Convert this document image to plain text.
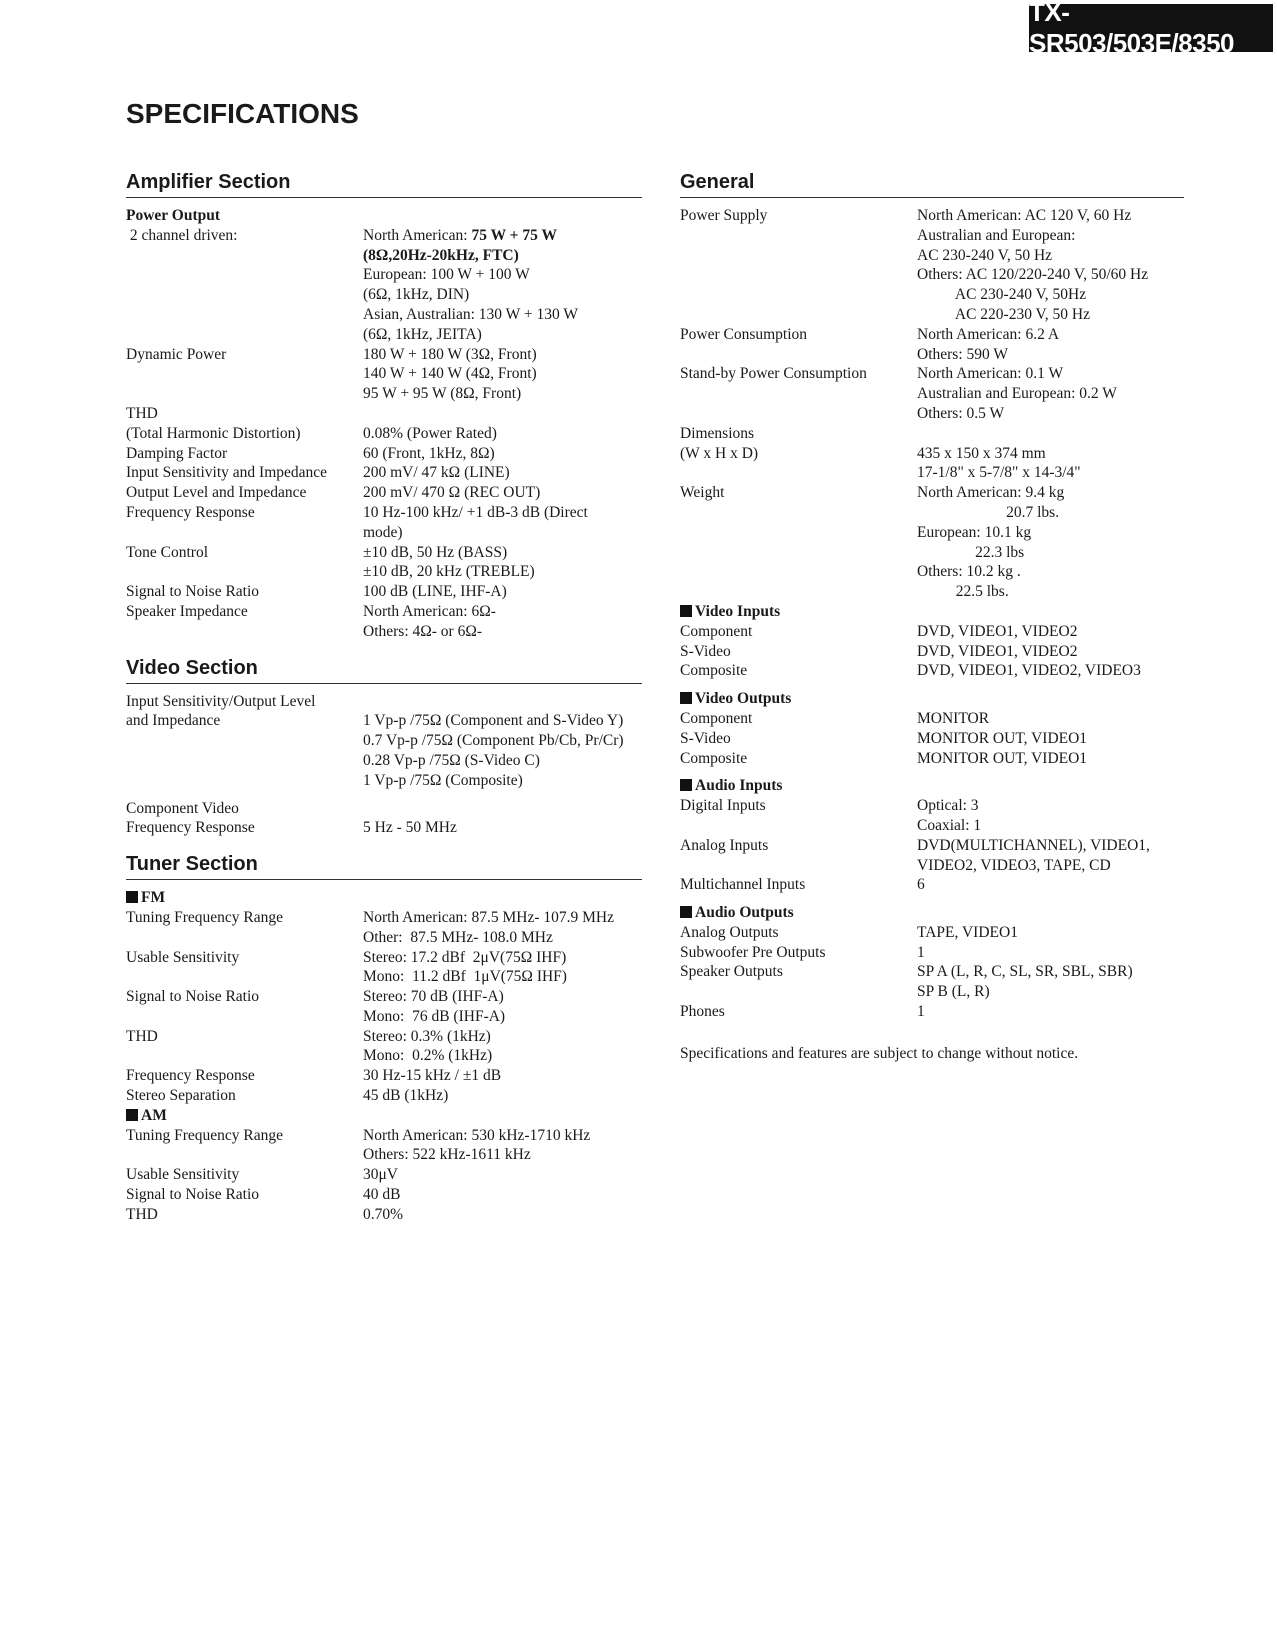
TX-SR503/503E/8350
SPECIFICATIONS
Amplifier Section
Power Output
2 channel driven:	North American: 75 W + 75 W
(8Ω,20Hz-20kHz, FTC)
European: 100 W + 100 W
(6Ω, 1kHz, DIN)
Asian, Australian: 130 W + 130 W
(6Ω, 1kHz, JEITA)
Dynamic Power	180 W + 180 W (3Ω, Front)
140 W + 140 W (4Ω, Front)
95 W + 95 W (8Ω, Front)
THD
(Total Harmonic Distortion)	0.08% (Power Rated)
Damping Factor	60 (Front, 1kHz, 8Ω)
Input Sensitivity and Impedance	200 mV/ 47 kΩ (LINE)
Output Level and Impedance	200 mV/ 470 Ω (REC OUT)
Frequency Response	10 Hz-100 kHz/ +1 dB-3 dB (Direct
mode)
Tone Control	±10 dB, 50 Hz (BASS)
±10 dB, 20 kHz (TREBLE)
Signal to Noise Ratio	100 dB (LINE, IHF-A)
Speaker Impedance	North American: 6Ω-
Others: 4Ω- or 6Ω-
Video Section
Input Sensitivity/Output Level
and Impedance	1 Vp-p /75Ω (Component and S-Video Y)
0.7 Vp-p /75Ω (Component Pb/Cb, Pr/Cr)
0.28 Vp-p /75Ω (S-Video C)
1 Vp-p /75Ω (Composite)
Component Video
Frequency Response	5 Hz - 50 MHz
Tuner Section
FM
Tuning Frequency Range	North American: 87.5 MHz- 107.9 MHz
Other:  87.5 MHz- 108.0 MHz
Usable Sensitivity	Stereo: 17.2 dBf  2μV(75Ω IHF)
Mono:  11.2 dBf  1μV(75Ω IHF)
Signal to Noise Ratio	Stereo: 70 dB (IHF-A)
Mono:  76 dB (IHF-A)
THD	Stereo: 0.3% (1kHz)
Mono:  0.2% (1kHz)
Frequency Response	30 Hz-15 kHz / ±1 dB
Stereo Separation	45 dB (1kHz)
AM
Tuning Frequency Range	North American: 530 kHz-1710 kHz
Others: 522 kHz-1611 kHz
Usable Sensitivity	30μV
Signal to Noise Ratio	40 dB
THD	0.70%
General
Power Supply	North American: AC 120 V, 60 Hz
Australian and European:
AC 230-240 V, 50 Hz
Others: AC 120/220-240 V, 50/60 Hz
AC 230-240 V, 50Hz
AC 220-230 V, 50 Hz
Power Consumption	North American: 6.2 A
Others: 590 W
Stand-by Power Consumption	North American: 0.1 W
Australian and European: 0.2 W
Others: 0.5 W
Dimensions
(W x H x D)	435 x 150 x 374 mm
17-1/8" x 5-7/8" x 14-3/4"
Weight	North American: 9.4 kg
20.7 lbs.
European: 10.1 kg
22.3 lbs
Others: 10.2 kg .
22.5 lbs.
Video Inputs
Component	DVD, VIDEO1, VIDEO2
S-Video	DVD, VIDEO1, VIDEO2
Composite	DVD, VIDEO1, VIDEO2, VIDEO3
Video Outputs
Component	MONITOR
S-Video	MONITOR OUT, VIDEO1
Composite	MONITOR OUT, VIDEO1
Audio Inputs
Digital Inputs	Optical: 3
Coaxial: 1
Analog Inputs	DVD(MULTICHANNEL), VIDEO1,
VIDEO2, VIDEO3, TAPE, CD
Multichannel Inputs	6
Audio Outputs
Analog Outputs	TAPE, VIDEO1
Subwoofer Pre Outputs	1
Speaker Outputs	SP A (L, R, C, SL, SR, SBL, SBR)
SP B (L, R)
Phones	1
Specifications and features are subject to change without notice.
